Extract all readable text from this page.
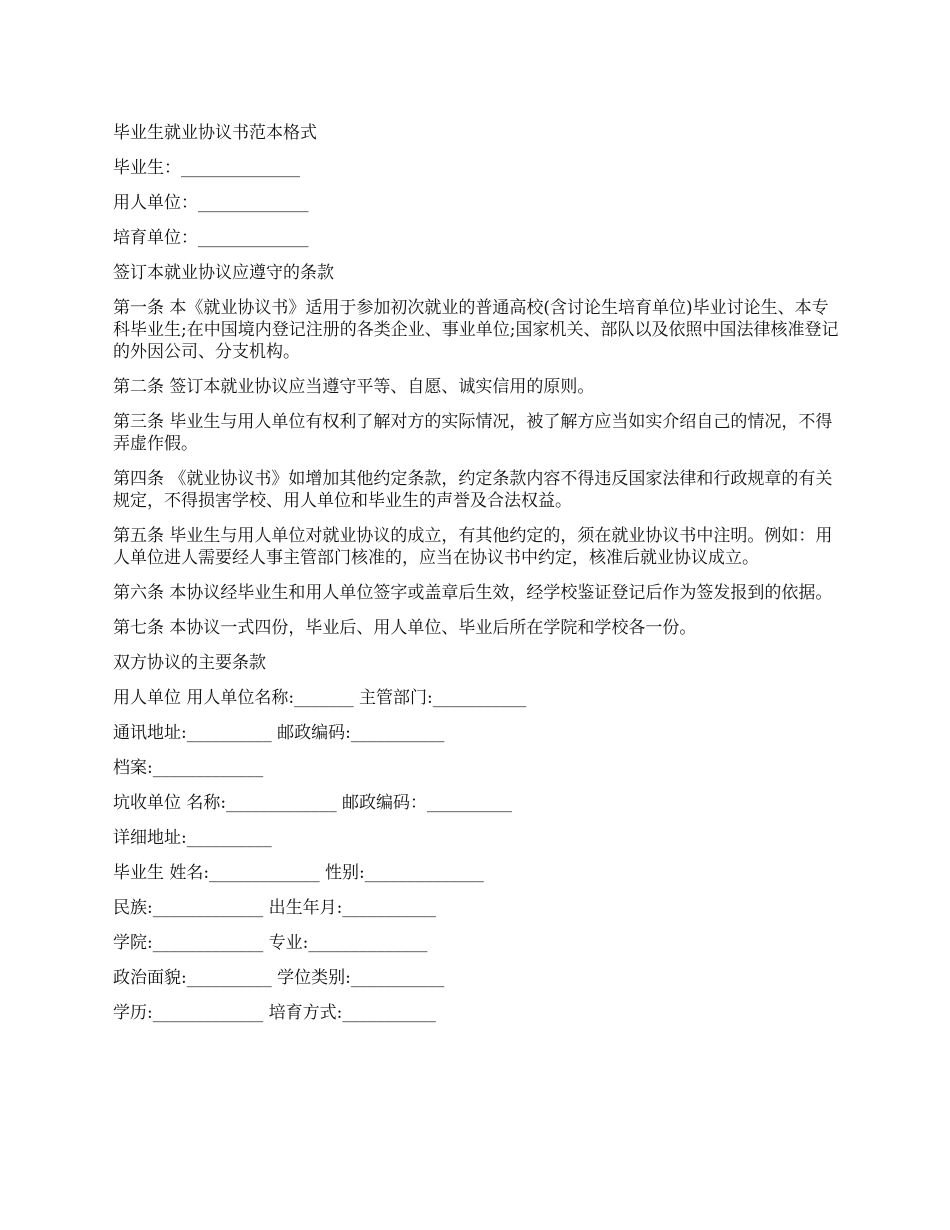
毕业生就业协议书范本格式

毕业生：______________

用人单位：_____________

培育单位：_____________

签订本就业协议应遵守的条款

第一条 本《就业协议书》适用于参加初次就业的普通高校(含讨论生培育单位)毕业讨论生、本专科毕业生;在中国境内登记注册的各类企业、事业单位;国家机关、部队以及依照中国法律核准登记的外因公司、分支机构。

第二条 签订本就业协议应当遵守平等、自愿、诚实信用的原则。

第三条 毕业生与用人单位有权利了解对方的实际情况，被了解方应当如实介绍自己的情况，不得弄虚作假。

第四条 《就业协议书》如增加其他约定条款，约定条款内容不得违反国家法律和行政规章的有关规定，不得损害学校、用人单位和毕业生的声誉及合法权益。

第五条 毕业生与用人单位对就业协议的成立，有其他约定的，须在就业协议书中注明。例如：用人单位进人需要经人事主管部门核准的，应当在协议书中约定，核准后就业协议成立。

第六条 本协议经毕业生和用人单位签字或盖章后生效，经学校鉴证登记后作为签发报到的依据。

第七条 本协议一式四份，毕业后、用人单位、毕业后所在学院和学校各一份。

双方协议的主要条款

用人单位 用人单位名称:_______ 主管部门:___________

通讯地址:__________ 邮政编码:___________

档案:_____________

坑收单位 名称:_____________ 邮政编码：__________

详细地址:__________

毕业生 姓名:_____________ 性别:______________

民族:_____________ 出生年月:___________

学院:_____________ 专业:______________

政治面貌:__________ 学位类别:___________

学历:_____________ 培育方式:___________
